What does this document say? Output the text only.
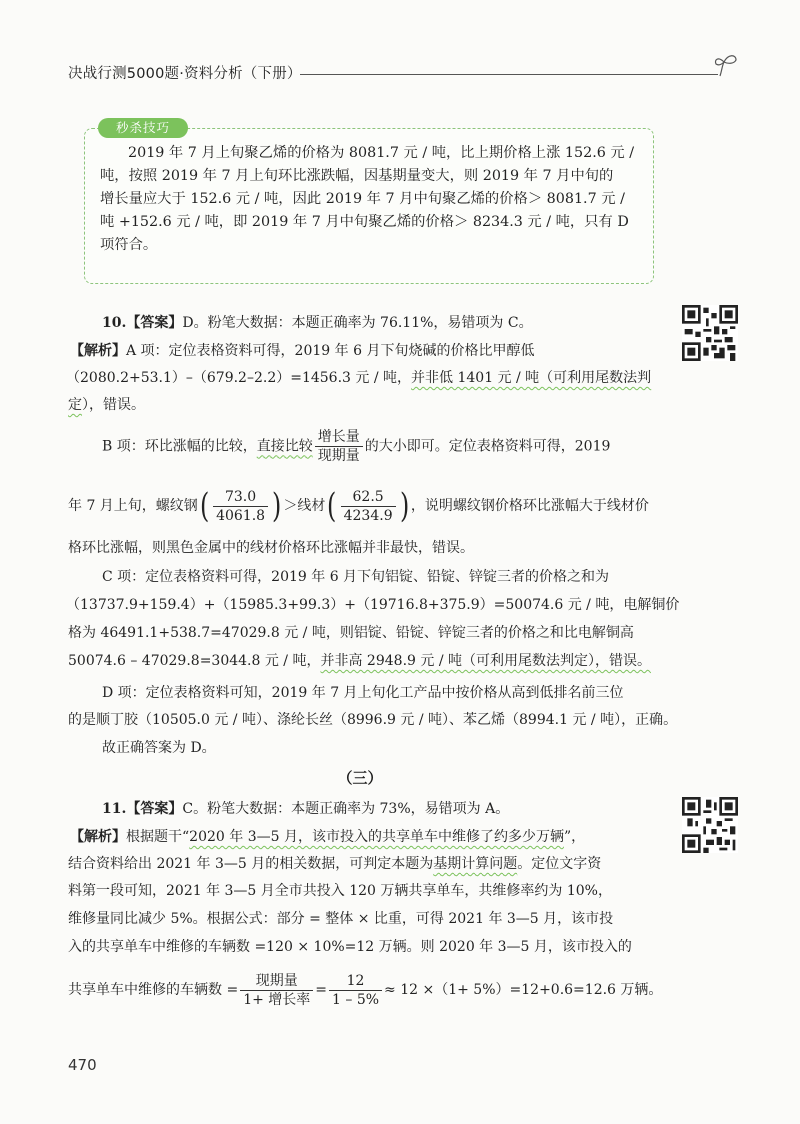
决战行测5000题·资料分析（下册）
秒杀技巧

2019 年 7 月上旬聚乙烯的价格为 8081.7 元 / 吨，比上期价格上涨 152.6 元 /

吨，按照 2019 年 7 月上旬环比涨跌幅，因基期量变大，则 2019 年 7 月中旬的

增长量应大于 152.6 元 / 吨，因此 2019 年 7 月中旬聚乙烯的价格＞ 8081.7 元 /

吨 +152.6 元 / 吨，即 2019 年 7 月中旬聚乙烯的价格＞ 8234.3 元 / 吨，只有 D

项符合。

10.【答案】D。粉笔大数据：本题正确率为 76.11%，易错项为 C。
【解析】A 项：定位表格资料可得，2019 年 6 月下旬烧碱的价格比甲醇低
（2080.2+53.1）–（679.2–2.2）=1456.3 元 / 吨，并非低 1401 元 / 吨（可利用尾数法判
定），错误。
B 项：环比涨幅的比较，直接比较 $\frac{\text{增长量}}{\text{现期量}}$ 的大小即可。定位表格资料可得，2019
年 7 月上旬，螺纹钢( $\frac{73.0}{4061.8}$ ) ＞线材( $\frac{62.5}{4234.9}$ ) ，说明螺纹钢价格环比涨幅大于线材价
格环比涨幅，则黑色金属中的线材价格环比涨幅并非最快，错误。
C 项：定位表格资料可得，2019 年 6 月下旬铝锭、铅锭、锌锭三者的价格之和为
（13737.9+159.4）+（15985.3+99.3）+（19716.8+375.9）=50074.6 元 / 吨，电解铜价
格为 46491.1+538.7=47029.8 元 / 吨，则铝锭、铅锭、锌锭三者的价格之和比电解铜高
50074.6 – 47029.8=3044.8 元 / 吨，并非高 2948.9 元 / 吨（可利用尾数法判定），错误。
D 项：定位表格资料可知，2019 年 7 月上旬化工产品中按价格从高到低排名前三位
的是顺丁胶（10505.0 元 / 吨）、涤纶长丝（8996.9 元 / 吨）、苯乙烯（8994.1 元 / 吨），正确。
故正确答案为 D。
（三）
11.【答案】C。粉笔大数据：本题正确率为 73%，易错项为 A。
【解析】根据题干“2020 年 3—5 月，该市投入的共享单车中维修了约多少万辆”，
结合资料给出 2021 年 3—5 月的相关数据，可判定本题为基期计算问题。定位文字资
料第一段可知，2021 年 3—5 月全市共投入 120 万辆共享单车，共维修率约为 10%，
维修量同比减少 5%。根据公式：部分 = 整体 × 比重，可得 2021 年 3—5 月，该市投
入的共享单车中维修的车辆数 =120 × 10%=12 万辆。则 2020 年 3—5 月，该市投入的
共享单车中维修的车辆数 = $\frac{\text{现期量}}{\text{1+ 增长率}} = \frac{12}{1 - 5\%} \approx 12 \times(1+ 5\%)=12+0.6=12.6$ 万辆。
470
